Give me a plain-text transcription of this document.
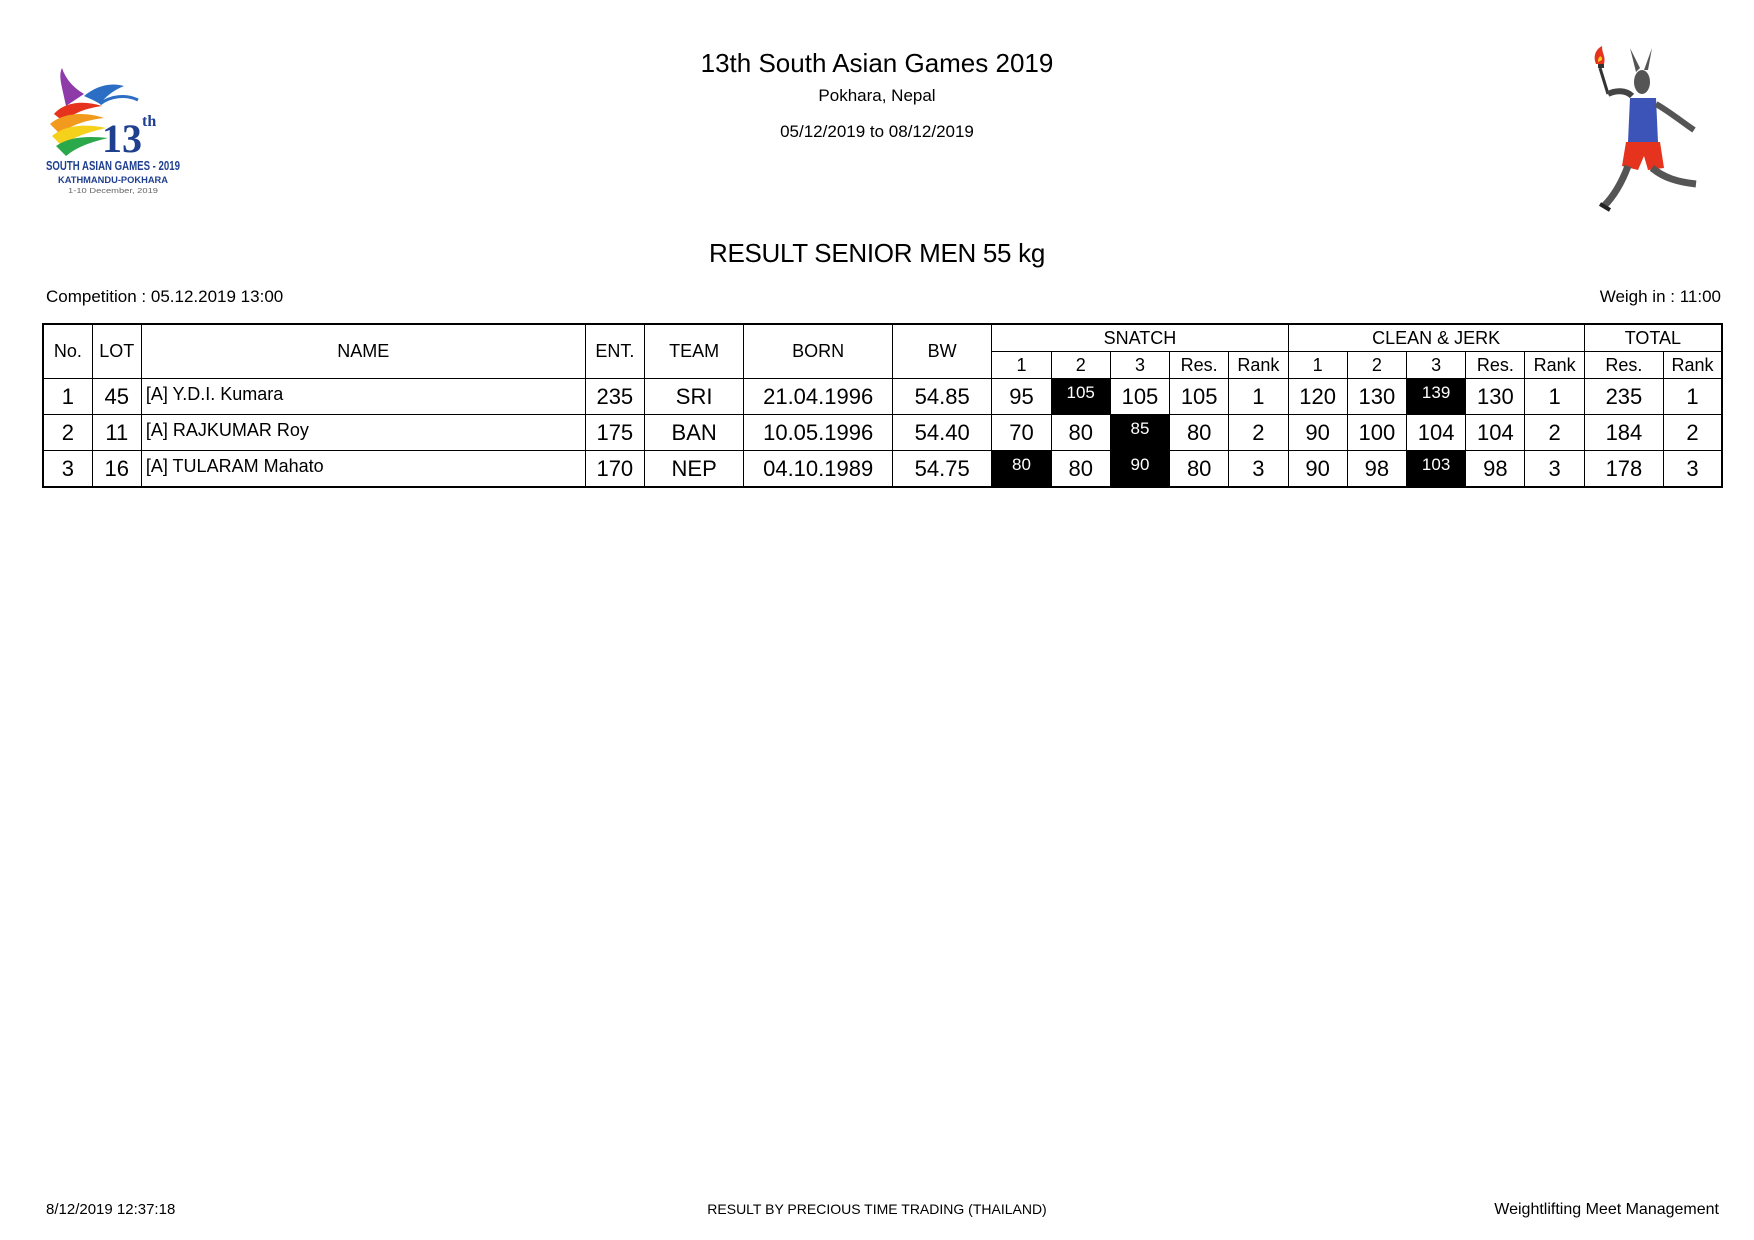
13 th
SOUTH ASIAN GAMES - 2019
KATHMANDU-POKHARA
1-10 December, 2019
13th South Asian Games 2019
Pokhara, Nepal
05/12/2019 to 08/12/2019
RESULT SENIOR MEN 55 kg
Competition : 05.12.2019 13:00	Weigh in : 11:00
No.	LOT	NAME	ENT.	TEAM	BORN	BW	SNATCH					CLEAN & JERK					TOTAL	
							1	2	3	Res.	Rank	1	2	3	Res.	Rank	Res.	Rank
1	45	[A] Y.D.I. Kumara	235	SRI	21.04.1996	54.85	95	105	105	105	1	120	130	139	130	1	235	1
2	11	[A] RAJKUMAR Roy	175	BAN	10.05.1996	54.40	70	80	85	80	2	90	100	104	104	2	184	2
3	16	[A] TULARAM Mahato	170	NEP	04.10.1989	54.75	80	80	90	80	3	90	98	103	98	3	178	3
8/12/2019 12:37:18	RESULT BY PRECIOUS TIME TRADING (THAILAND)	Weightlifting Meet Management
